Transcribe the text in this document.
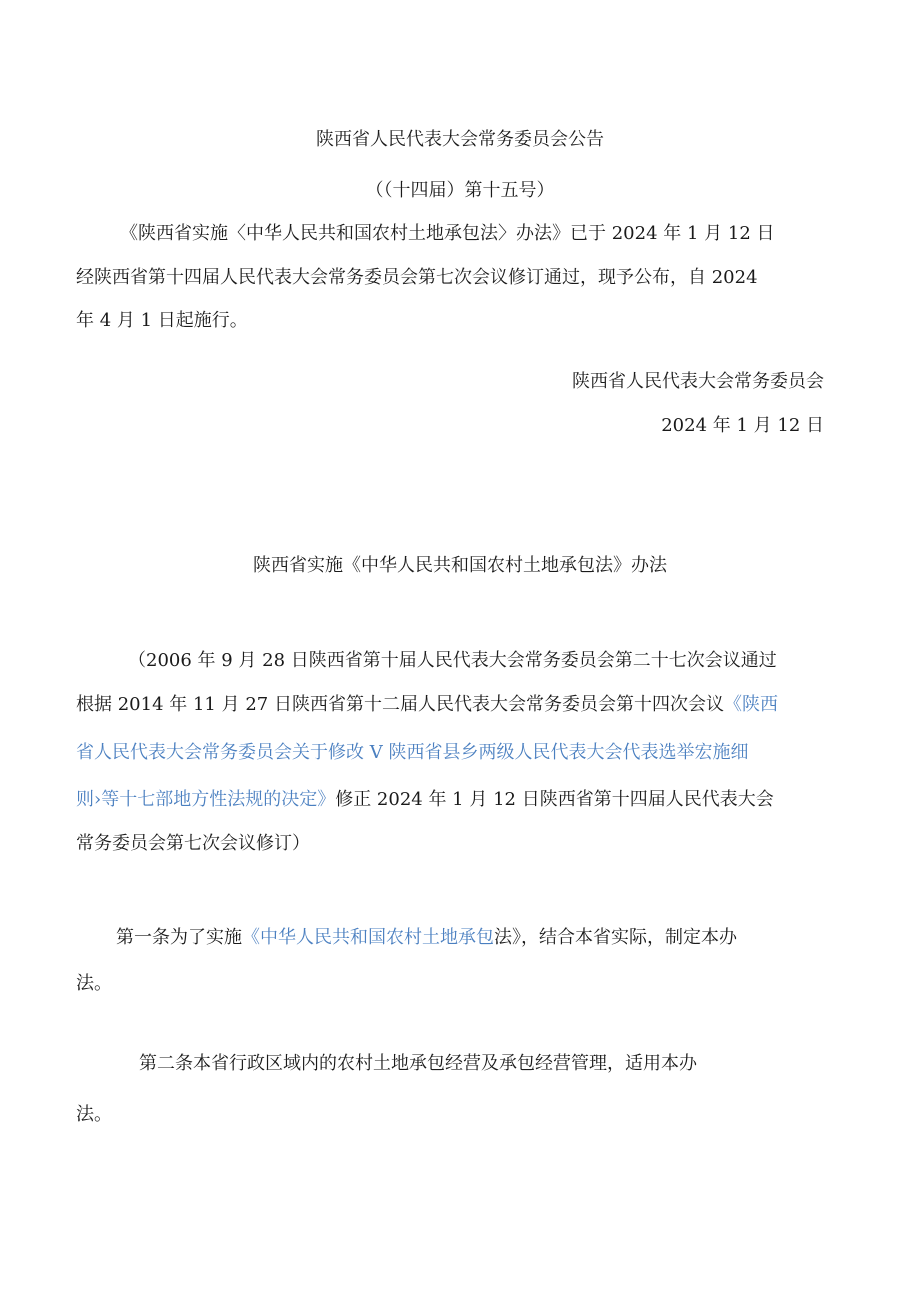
陕西省人民代表大会常务委员会公告
（（十四届）第十五号）
《陕西省实施〈中华人民共和国农村土地承包法〉办法》已于 2024 年 1 月 12 日
经陕西省第十四届人民代表大会常务委员会第七次会议修订通过，现予公布，自 2024
年 4 月 1 日起施行。
陕西省人民代表大会常务委员会
2024 年 1 月 12 日
陕西省实施《中华人民共和国农村土地承包法》办法
（2006 年 9 月 28 日陕西省第十届人民代表大会常务委员会第二十七次会议通过
根据 2014 年 11 月 27 日陕西省第十二届人民代表大会常务委员会第十四次会议《陕西
省人民代表大会常务委员会关于修改 V 陕西省县乡两级人民代表大会代表选举宏施细
则›等十七部地方性法规的决定》修正 2024 年 1 月 12 日陕西省第十四届人民代表大会
常务委员会第七次会议修订）
第一条为了实施《中华人民共和国农村土地承包法》，结合本省实际，制定本办
法。
第二条本省行政区域内的农村土地承包经营及承包经营管理，适用本办
法。
